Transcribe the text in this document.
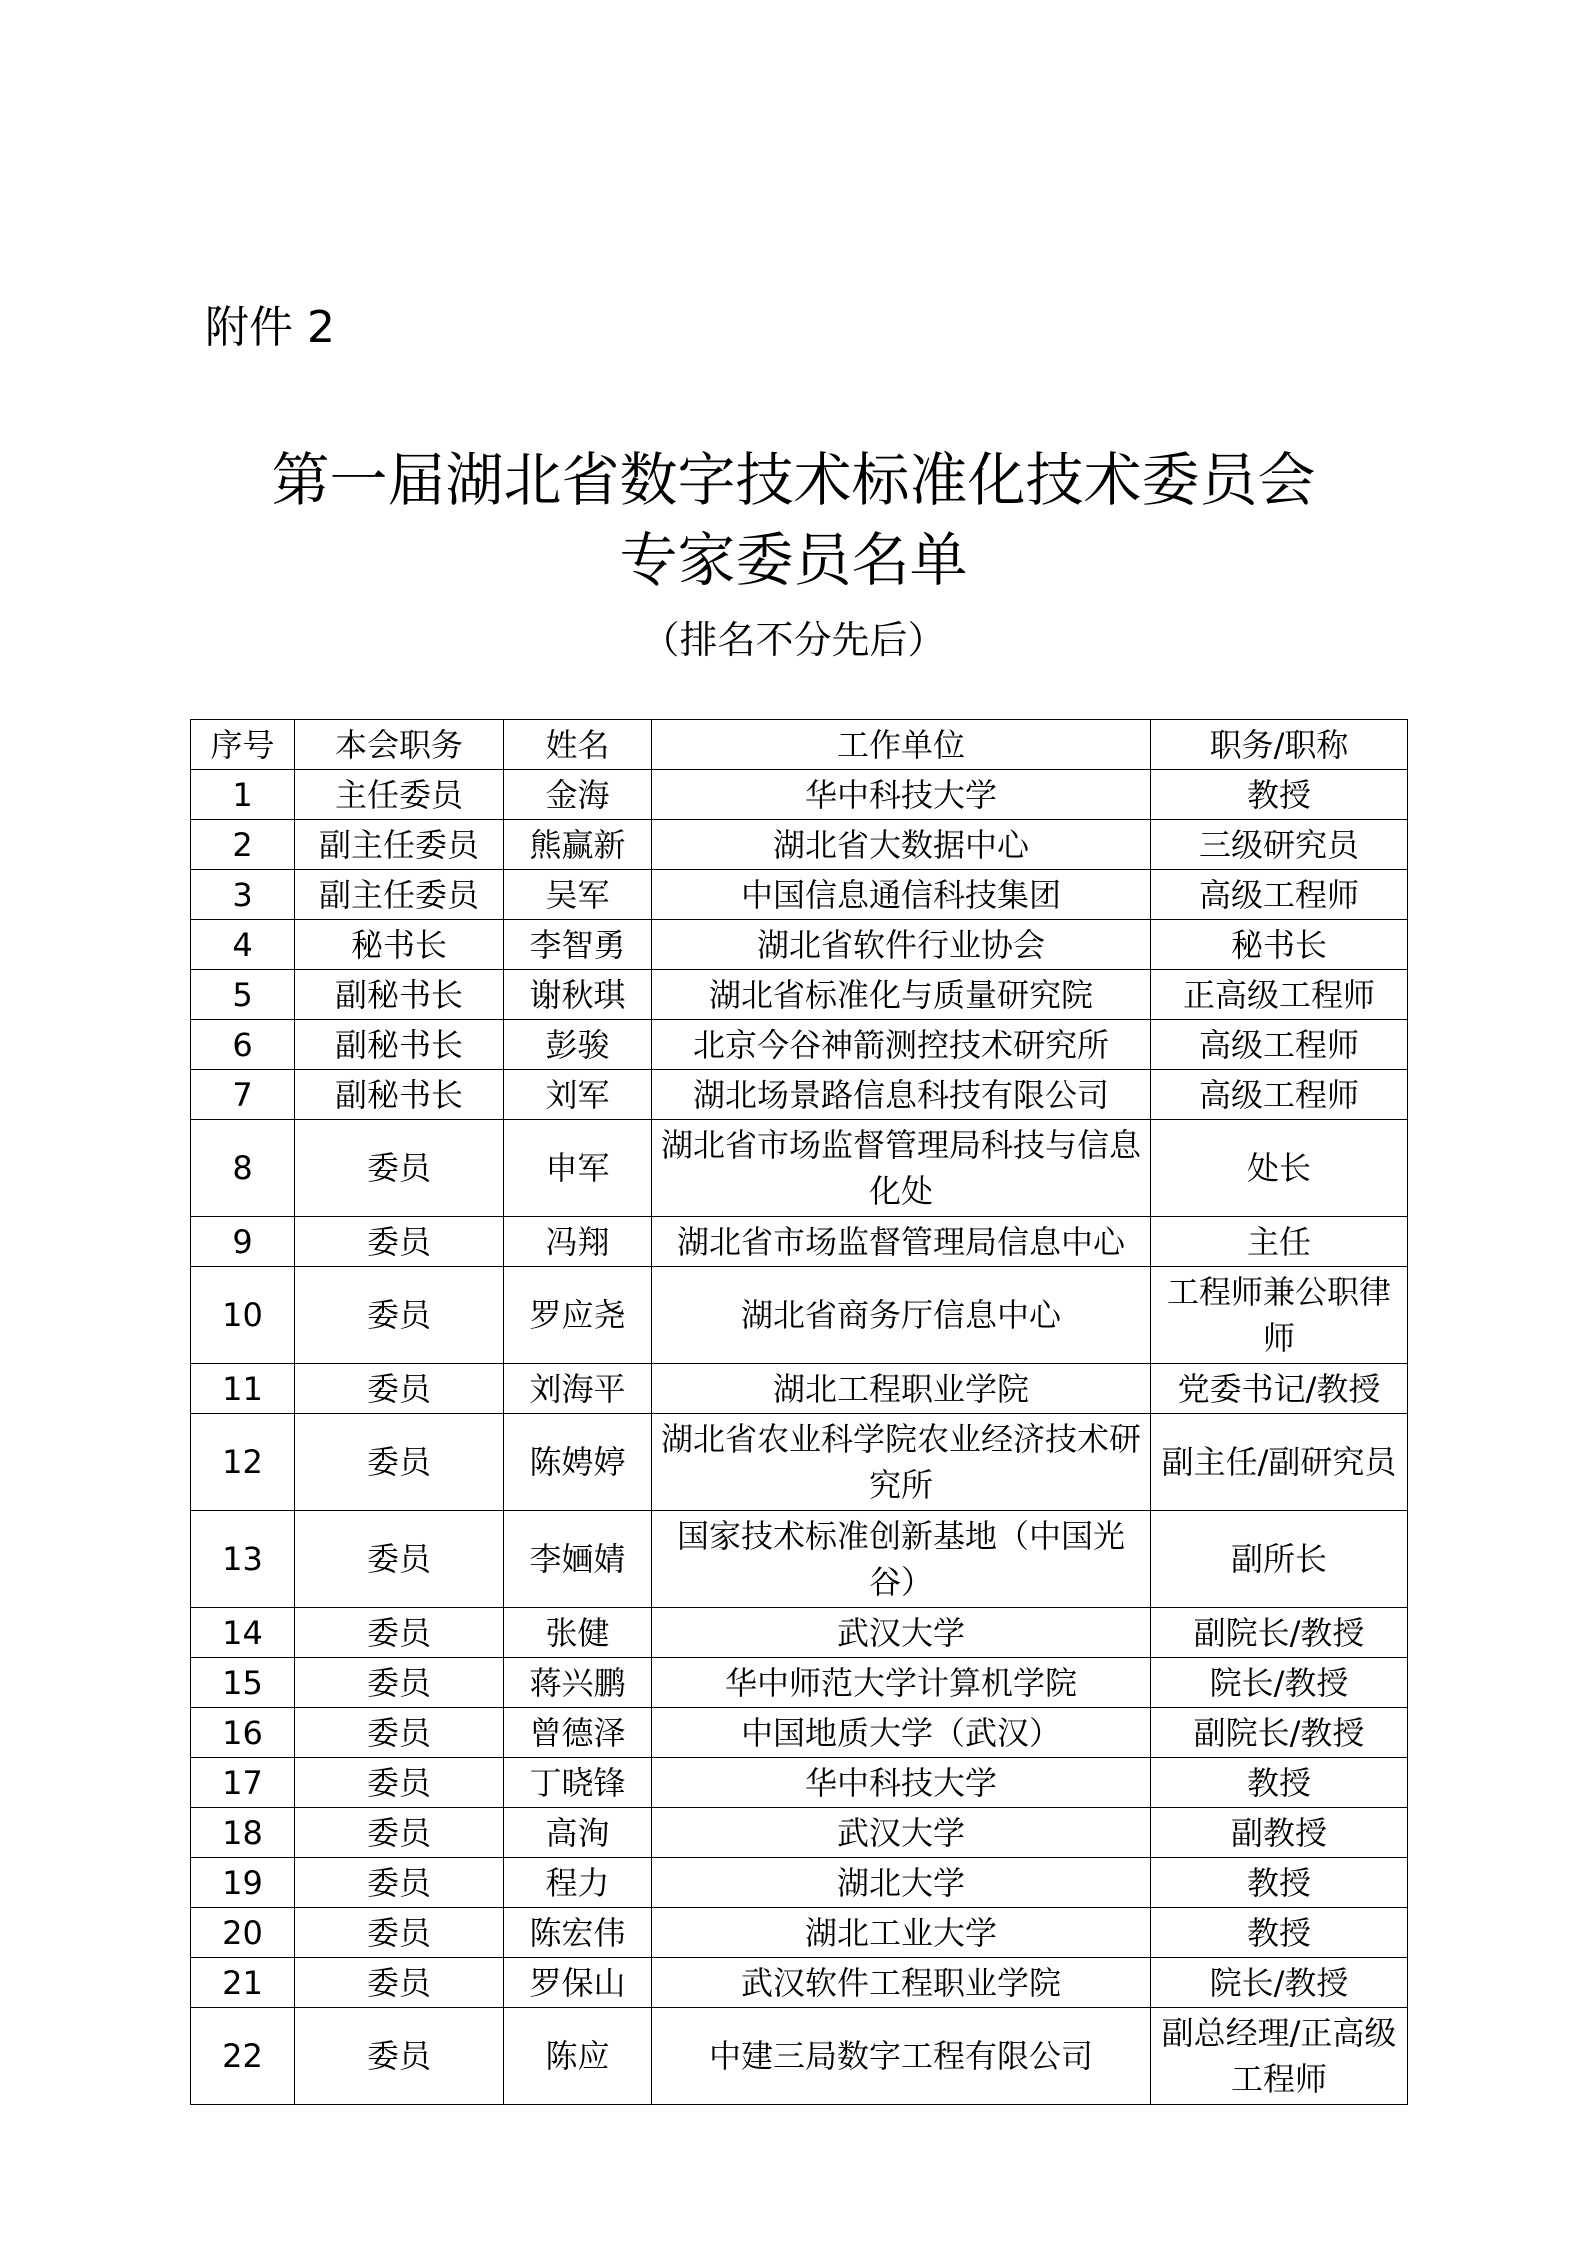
附件 2
第一届湖北省数字技术标准化技术委员会
专家委员名单
（排名不分先后）
序号	本会职务	姓名	工作单位	职务/职称
1	主任委员	金海	华中科技大学	教授
2	副主任委员	熊赢新	湖北省大数据中心	三级研究员
3	副主任委员	吴军	中国信息通信科技集团	高级工程师
4	秘书长	李智勇	湖北省软件行业协会	秘书长
5	副秘书长	谢秋琪	湖北省标准化与质量研究院	正高级工程师
6	副秘书长	彭骏	北京今谷神箭测控技术研究所	高级工程师
7	副秘书长	刘军	湖北场景路信息科技有限公司	高级工程师
8	委员	申军	湖北省市场监督管理局科技与信息化处	处长
9	委员	冯翔	湖北省市场监督管理局信息中心	主任
10	委员	罗应尧	湖北省商务厅信息中心	工程师兼公职律师
11	委员	刘海平	湖北工程职业学院	党委书记/教授
12	委员	陈娉婷	湖北省农业科学院农业经济技术研究所	副主任/副研究员
13	委员	李婳婧	国家技术标准创新基地（中国光谷）	副所长
14	委员	张健	武汉大学	副院长/教授
15	委员	蒋兴鹏	华中师范大学计算机学院	院长/教授
16	委员	曾德泽	中国地质大学（武汉）	副院长/教授
17	委员	丁晓锋	华中科技大学	教授
18	委员	高洵	武汉大学	副教授
19	委员	程力	湖北大学	教授
20	委员	陈宏伟	湖北工业大学	教授
21	委员	罗保山	武汉软件工程职业学院	院长/教授
22	委员	陈应	中建三局数字工程有限公司	副总经理/正高级工程师
